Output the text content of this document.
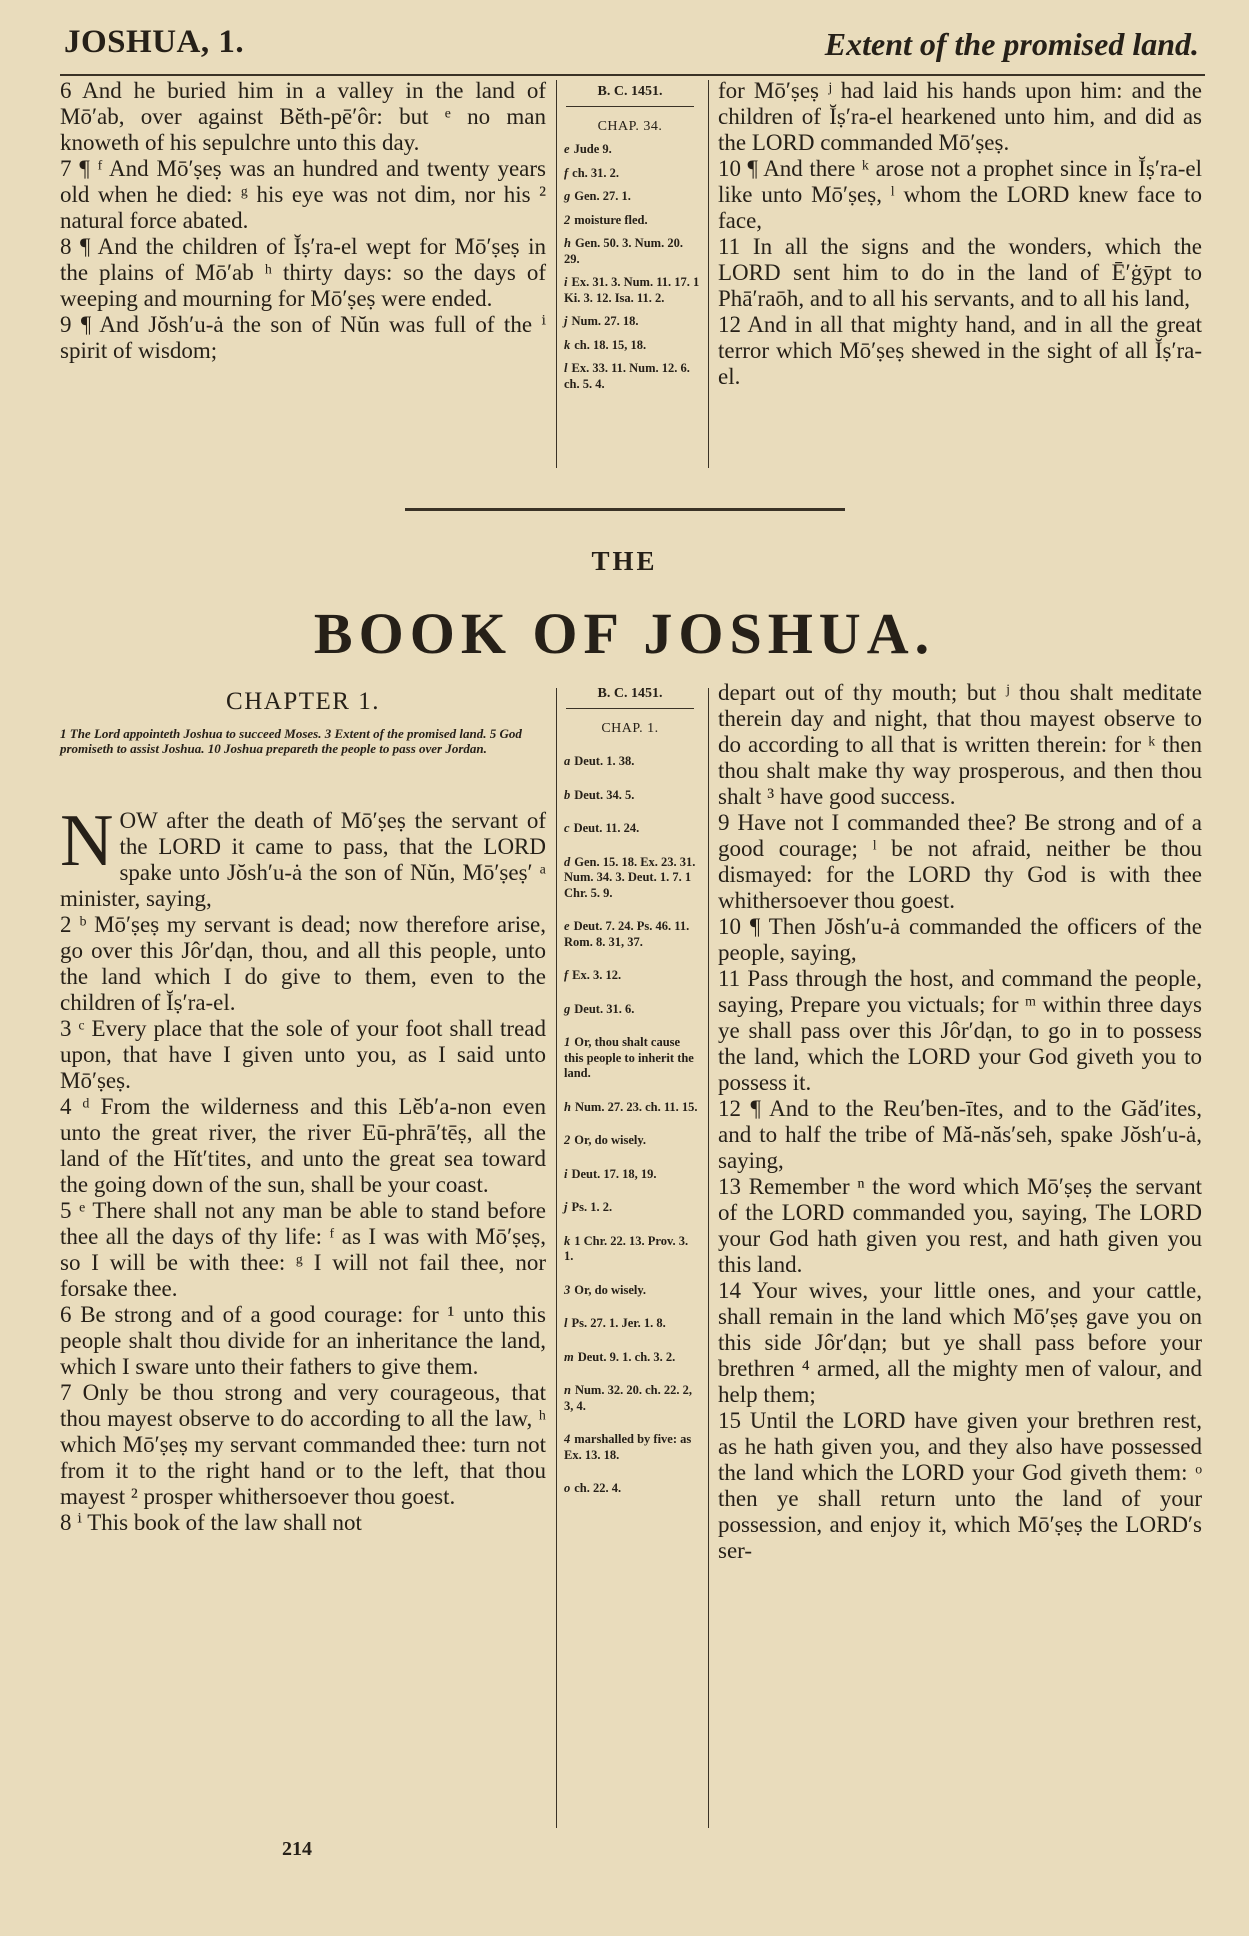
JOSHUA, 1.	Extent of the promised land.

6 And he buried him in a valley in the land of Mō′ab, over against Bĕth-pē′ôr: but ᵉ no man knoweth of his sepulchre unto this day.

7 ¶ ᶠ And Mō′ṣeṣ was an hundred and twenty years old when he died: ᵍ his eye was not dim, nor his ² natural force abated.

8 ¶ And the children of Ĭṣ′ra-el wept for Mō′ṣeṣ in the plains of Mō′ab ʰ thirty days: so the days of weeping and mourning for Mō′ṣeṣ were ended.

9 ¶ And Jŏsh′u-ȧ the son of Nŭn was full of the ⁱ spirit of wisdom;

B. C. 1451.
CHAP. 34.
e Jude 9.
f ch. 31. 2.
g Gen. 27. 1.
2 moisture fled.
h Gen. 50. 3. Num. 20. 29.
i Ex. 31. 3. Num. 11. 17. 1 Ki. 3. 12. Isa. 11. 2.
j Num. 27. 18.
k ch. 18. 15, 18.
l Ex. 33. 11. Num. 12. 6. ch. 5. 4.

for Mō′ṣeṣ ʲ had laid his hands upon him: and the children of Ĭṣ′ra-el hearkened unto him, and did as the LORD commanded Mō′ṣeṣ.

10 ¶ And there ᵏ arose not a prophet since in Ĭṣ′ra-el like unto Mō′ṣeṣ, ˡ whom the LORD knew face to face,

11 In all the signs and the wonders, which the LORD sent him to do in the land of Ē′ġȳpt to Phā′raōh, and to all his servants, and to all his land,

12 And in all that mighty hand, and in all the great terror which Mō′ṣeṣ shewed in the sight of all Ĭṣ′ra-el.

THE
BOOK OF JOSHUA.
CHAPTER 1.
1 The Lord appointeth Joshua to succeed Moses. 3 Extent of the promised land. 5 God promiseth to assist Joshua. 10 Joshua prepareth the people to pass over Jordan.

NOW after the death of Mō′ṣeṣ the servant of the LORD it came to pass, that the LORD spake unto Jŏsh′u-ȧ the son of Nŭn, Mō′ṣeṣ′ ᵃ minister, saying,

2 ᵇ Mō′ṣeṣ my servant is dead; now therefore arise, go over this Jôr′dạn, thou, and all this people, unto the land which I do give to them, even to the children of Ĭṣ′ra-el.

3 ᶜ Every place that the sole of your foot shall tread upon, that have I given unto you, as I said unto Mō′ṣeṣ.

4 ᵈ From the wilderness and this Lĕb′a-non even unto the great river, the river Eū-phrā′tēṣ, all the land of the Hĭt′tites, and unto the great sea toward the going down of the sun, shall be your coast.

5 ᵉ There shall not any man be able to stand before thee all the days of thy life: ᶠ as I was with Mō′ṣeṣ, so I will be with thee: ᵍ I will not fail thee, nor forsake thee.

6 Be strong and of a good courage: for ¹ unto this people shalt thou divide for an inheritance the land, which I sware unto their fathers to give them.

7 Only be thou strong and very courageous, that thou mayest observe to do according to all the law, ʰ which Mō′ṣeṣ my servant commanded thee: turn not from it to the right hand or to the left, that thou mayest ² prosper whithersoever thou goest.

8 ⁱ This book of the law shall not

B. C. 1451.
CHAP. 1.
a Deut. 1. 38.
b Deut. 34. 5.
c Deut. 11. 24.
d Gen. 15. 18. Ex. 23. 31. Num. 34. 3. Deut. 1. 7. 1 Chr. 5. 9.
e Deut. 7. 24. Ps. 46. 11. Rom. 8. 31, 37.
f Ex. 3. 12.
g Deut. 31. 6.
1 Or, thou shalt cause this people to inherit the land.
h Num. 27. 23. ch. 11. 15.
2 Or, do wisely.
i Deut. 17. 18, 19.
j Ps. 1. 2.
k 1 Chr. 22. 13. Prov. 3. 1.
3 Or, do wisely.
l Ps. 27. 1. Jer. 1. 8.
m Deut. 9. 1. ch. 3. 2.
n Num. 32. 20. ch. 22. 2, 3, 4.
4 marshalled by five: as Ex. 13. 18.
o ch. 22. 4.

depart out of thy mouth; but ʲ thou shalt meditate therein day and night, that thou mayest observe to do according to all that is written therein: for ᵏ then thou shalt make thy way prosperous, and then thou shalt ³ have good success.

9 Have not I commanded thee? Be strong and of a good courage; ˡ be not afraid, neither be thou dismayed: for the LORD thy God is with thee whithersoever thou goest.

10 ¶ Then Jŏsh′u-ȧ commanded the officers of the people, saying,

11 Pass through the host, and command the people, saying, Prepare you victuals; for ᵐ within three days ye shall pass over this Jôr′dạn, to go in to possess the land, which the LORD your God giveth you to possess it.

12 ¶ And to the Reu′ben-ītes, and to the Găd′ites, and to half the tribe of Mă-năs′seh, spake Jŏsh′u-ȧ, saying,

13 Remember ⁿ the word which Mō′ṣeṣ the servant of the LORD commanded you, saying, The LORD your God hath given you rest, and hath given you this land.

14 Your wives, your little ones, and your cattle, shall remain in the land which Mō′ṣeṣ gave you on this side Jôr′dạn; but ye shall pass before your brethren ⁴ armed, all the mighty men of valour, and help them;

15 Until the LORD have given your brethren rest, as he hath given you, and they also have possessed the land which the LORD your God giveth them: ᵒ then ye shall return unto the land of your possession, and enjoy it, which Mō′ṣeṣ the LORD′s ser-

214
